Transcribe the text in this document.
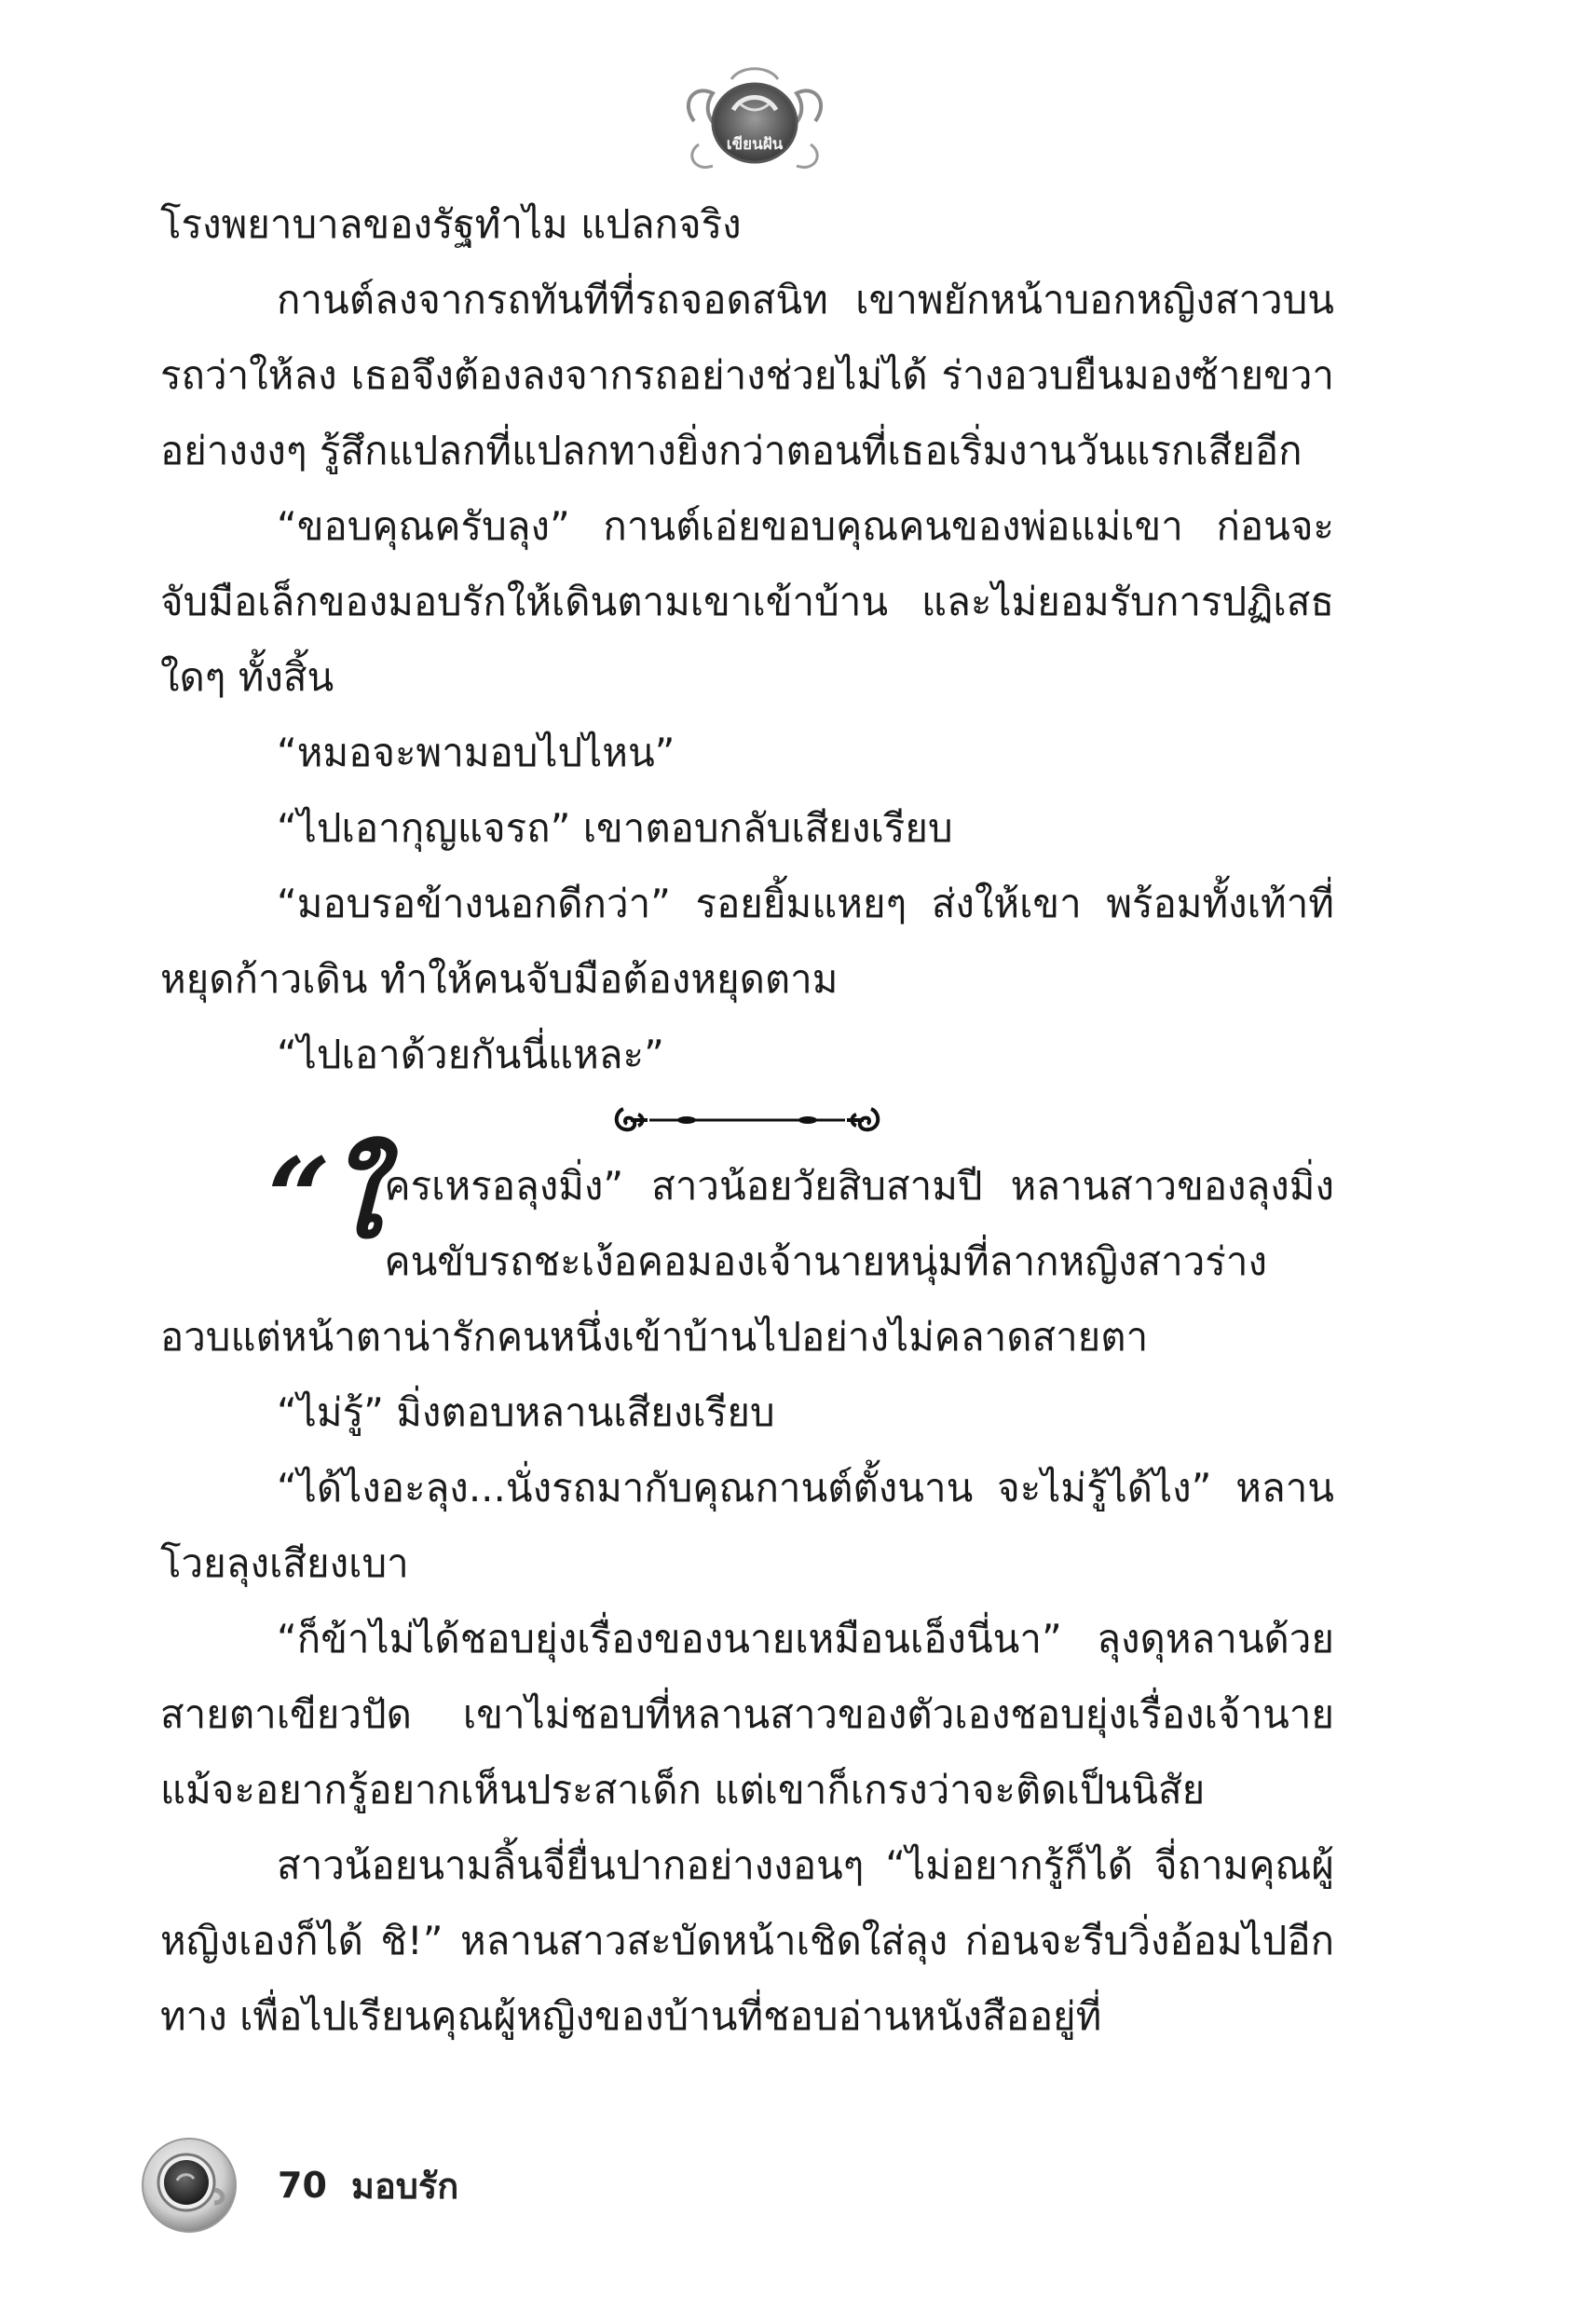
เขียนฝัน

โรงพยาบาลของรัฐทำไม แปลกจริง

กานต์ลงจากรถทันทีที่รถจอดสนิท เขาพยักหน้าบอกหญิงสาวบนรถว่าให้ลง เธอจึงต้องลงจากรถอย่างช่วยไม่ได้ ร่างอวบยืนมองซ้ายขวาอย่างงงๆ รู้สึกแปลกที่แปลกทางยิ่งกว่าตอนที่เธอเริ่มงานวันแรกเสียอีก

“ขอบคุณครับลุง” กานต์เอ่ยขอบคุณคนของพ่อแม่เขา ก่อนจะจับมือเล็กของมอบรักให้เดินตามเขาเข้าบ้าน และไม่ยอมรับการปฏิเสธใดๆ ทั้งสิ้น

“หมอจะพามอบไปไหน”

“ไปเอากุญแจรถ” เขาตอบกลับเสียงเรียบ

“มอบรอข้างนอกดีกว่า” รอยยิ้มแหยๆ ส่งให้เขา พร้อมทั้งเท้าที่หยุดก้าวเดิน ทำให้คนจับมือต้องหยุดตาม

“ไปเอาด้วยกันนี่แหละ”

“ใครเหรอลุงมิ่ง” สาวน้อยวัยสิบสามปี หลานสาวของลุงมิ่งคนขับรถชะเง้อคอมองเจ้านายหนุ่มที่ลากหญิงสาวร่างอวบแต่หน้าตาน่ารักคนหนึ่งเข้าบ้านไปอย่างไม่คลาดสายตา

“ไม่รู้” มิ่งตอบหลานเสียงเรียบ

“ได้ไงอะลุง...นั่งรถมากับคุณกานต์ตั้งนาน จะไม่รู้ได้ไง” หลานโวยลุงเสียงเบา

“ก็ข้าไม่ได้ชอบยุ่งเรื่องของนายเหมือนเอ็งนี่นา” ลุงดุหลานด้วยสายตาเขียวปัด เขาไม่ชอบที่หลานสาวของตัวเองชอบยุ่งเรื่องเจ้านาย แม้จะอยากรู้อยากเห็นประสาเด็ก แต่เขาก็เกรงว่าจะติดเป็นนิสัย

สาวน้อยนามลิ้นจี่ยื่นปากอย่างงอนๆ “ไม่อยากรู้ก็ได้ จี่ถามคุณผู้หญิงเองก็ได้ ชิ!” หลานสาวสะบัดหน้าเชิดใส่ลุง ก่อนจะรีบวิ่งอ้อมไปอีกทาง เพื่อไปเรียนคุณผู้หญิงของบ้านที่ชอบอ่านหนังสืออยู่ที่

70 มอบรัก
